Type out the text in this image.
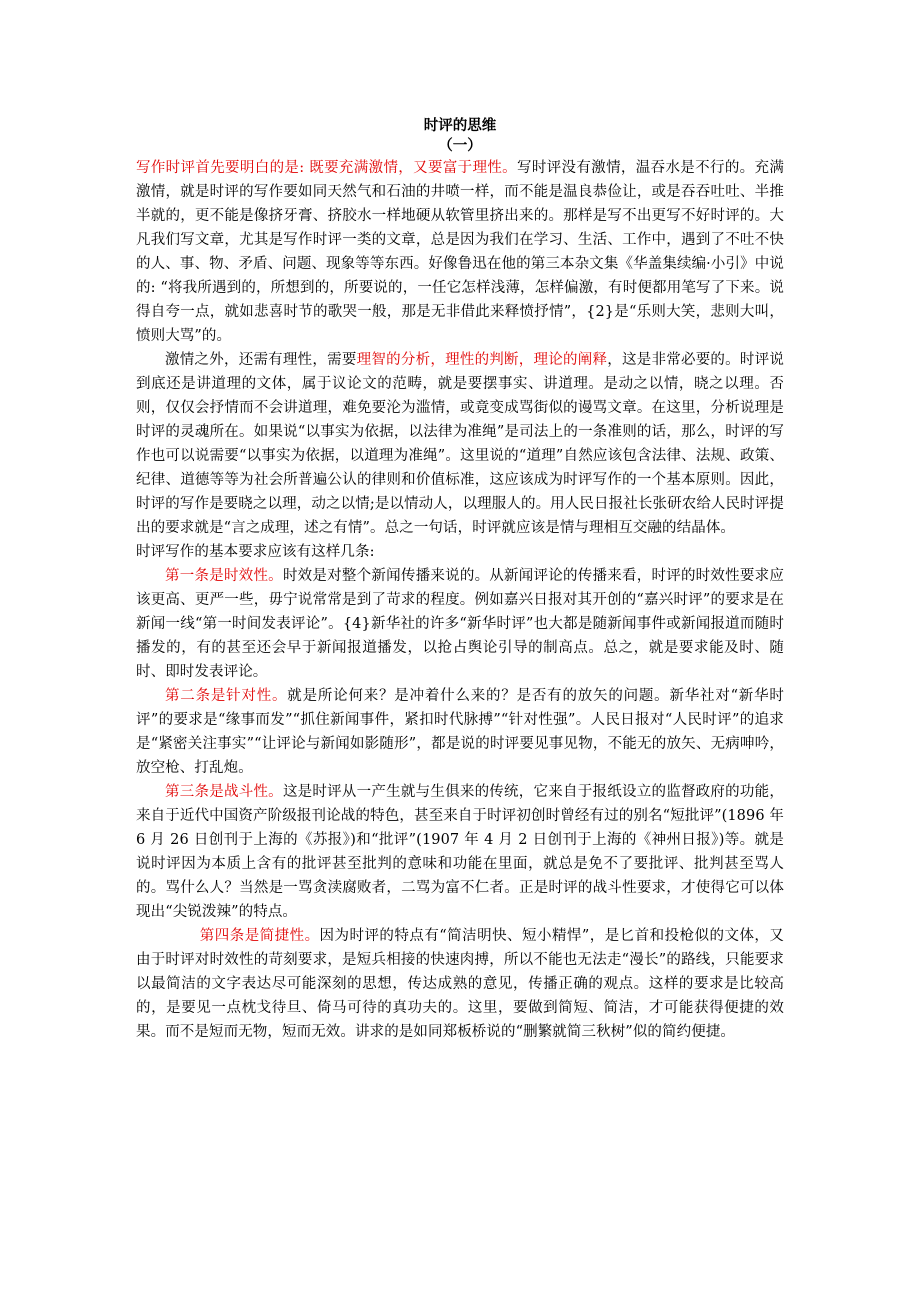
时评的思维
（一）

写作时评首先要明白的是: 既要充满激情，又要富于理性。写时评没有激情，温吞水是不行的。充满激情，就是时评的写作要如同天然气和石油的井喷一样，而不能是温良恭俭让，或是吞吞吐吐、半推半就的，更不能是像挤牙膏、挤胶水一样地硬从软管里挤出来的。那样是写不出更写不好时评的。大凡我们写文章，尤其是写作时评一类的文章，总是因为我们在学习、生活、工作中，遇到了不吐不快的人、事、物、矛盾、问题、现象等等东西。好像鲁迅在他的第三本杂文集《华盖集续编·小引》中说的: “将我所遇到的，所想到的，所要说的，一任它怎样浅薄，怎样偏激，有时便都用笔写了下来。说得自夸一点，就如悲喜时节的歌哭一般，那是无非借此来释愤抒情”，{2}是“乐则大笑，悲则大叫，愤则大骂”的。

激情之外，还需有理性，需要理智的分析，理性的判断，理论的阐释，这是非常必要的。时评说到底还是讲道理的文体，属于议论文的范畴，就是要摆事实、讲道理。是动之以情，晓之以理。否则，仅仅会抒情而不会讲道理，难免要沦为滥情，或竟变成骂街似的谩骂文章。在这里，分析说理是时评的灵魂所在。如果说“以事实为依据，以法律为准绳”是司法上的一条准则的话，那么，时评的写作也可以说需要“以事实为依据，以道理为准绳”。这里说的“道理”自然应该包含法律、法规、政策、纪律、道德等等为社会所普遍公认的律则和价值标准，这应该成为时评写作的一个基本原则。因此，时评的写作是要晓之以理，动之以情;是以情动人，以理服人的。用人民日报社长张研农给人民时评提出的要求就是“言之成理，述之有情”。总之一句话，时评就应该是情与理相互交融的结晶体。

时评写作的基本要求应该有这样几条:

第一条是时效性。时效是对整个新闻传播来说的。从新闻评论的传播来看，时评的时效性要求应该更高、更严一些，毋宁说常常是到了苛求的程度。例如嘉兴日报对其开创的“嘉兴时评”的要求是在新闻一线“第一时间发表评论”。{4}新华社的许多“新华时评”也大都是随新闻事件或新闻报道而随时播发的，有的甚至还会早于新闻报道播发，以抢占舆论引导的制高点。总之，就是要求能及时、随时、即时发表评论。

第二条是针对性。就是所论何来？是冲着什么来的？是否有的放矢的问题。新华社对“新华时评”的要求是“缘事而发”“抓住新闻事件，紧扣时代脉搏”“针对性强”。人民日报对“人民时评”的追求是“紧密关注事实”“让评论与新闻如影随形”，都是说的时评要见事见物，不能无的放矢、无病呻吟，放空枪、打乱炮。

第三条是战斗性。这是时评从一产生就与生俱来的传统，它来自于报纸设立的监督政府的功能，来自于近代中国资产阶级报刊论战的特色，甚至来自于时评初创时曾经有过的别名“短批评”(1896 年 6 月 26 日创刊于上海的《苏报》)和“批评”(1907 年 4 月 2 日创刊于上海的《神州日报》)等。就是说时评因为本质上含有的批评甚至批判的意味和功能在里面，就总是免不了要批评、批判甚至骂人的。骂什么人？当然是一骂贪渎腐败者，二骂为富不仁者。正是时评的战斗性要求，才使得它可以体现出“尖锐泼辣”的特点。

第四条是简捷性。因为时评的特点有“简洁明快、短小精悍”，是匕首和投枪似的文体，又由于时评对时效性的苛刻要求，是短兵相接的快速肉搏，所以不能也无法走“漫长”的路线，只能要求以最简洁的文字表达尽可能深刻的思想，传达成熟的意见，传播正确的观点。这样的要求是比较高的，是要见一点枕戈待旦、倚马可待的真功夫的。这里，要做到简短、简洁，才可能获得便捷的效果。而不是短而无物，短而无效。讲求的是如同郑板桥说的“删繁就简三秋树”似的简约便捷。
